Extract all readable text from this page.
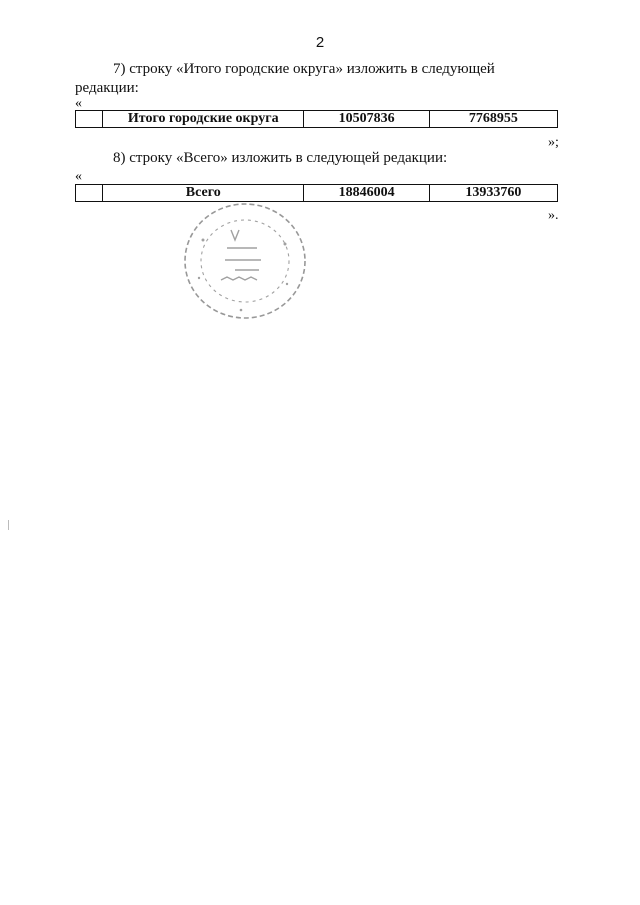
2
7) строку «Итого городские округа» изложить в следующей
редакции:
«
	Итого городские округа	10507836	7768955
»;
8) строку «Всего» изложить в следующей редакции:
«
	Всего	18846004	13933760
».
